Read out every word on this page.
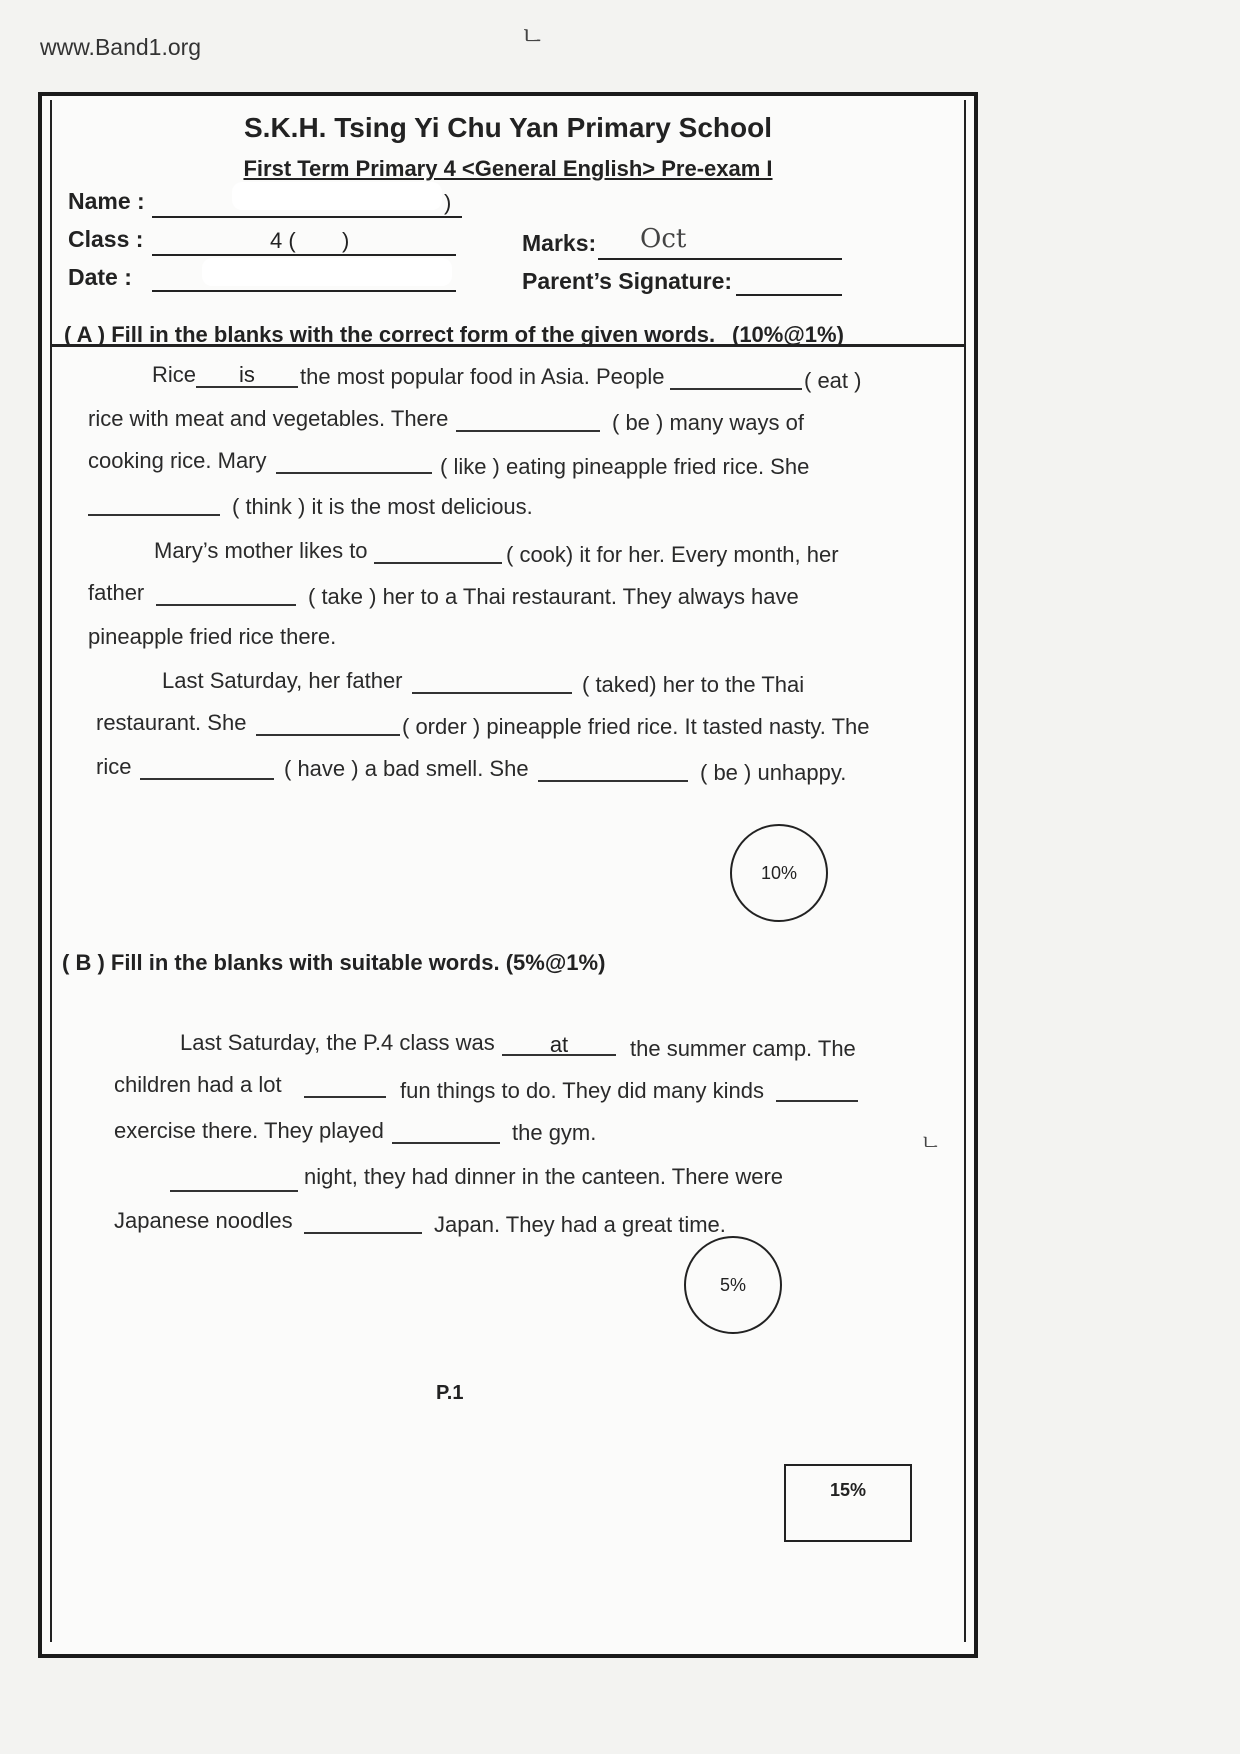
www.Band1.org	ㄴ
S.K.H. Tsing Yi Chu Yan Primary School
First Term Primary 4 <General English> Pre-exam I
Name :	)
Class :	4 ( )
Date :
Marks: Oct
Parent’s Signature:
( A ) Fill in the blanks with the correct form of the given words. (10%@1%)
Rice	is	the most popular food in Asia. People	( eat )
rice with meat and vegetables. There	( be ) many ways of
cooking rice. Mary	( like ) eating pineapple fried rice. She
( think ) it is the most delicious.
Mary’s mother likes to	( cook) it for her. Every month, her
father	( take ) her to a Thai restaurant. They always have
pineapple fried rice there.
Last Saturday, her father	( taked) her to the Thai
restaurant. She	( order ) pineapple fried rice. It tasted nasty. The
rice	( have ) a bad smell. She	( be ) unhappy.
10%
( B ) Fill in the blanks with suitable words. (5%@1%)
Last Saturday, the P.4 class was	at	the summer camp. The
children had a lot	fun things to do. They did many kinds
exercise there. They played	the gym.
night, they had dinner in the canteen. There were
Japanese noodles	Japan. They had a great time.
5%
P.1
15%
ㄴ
